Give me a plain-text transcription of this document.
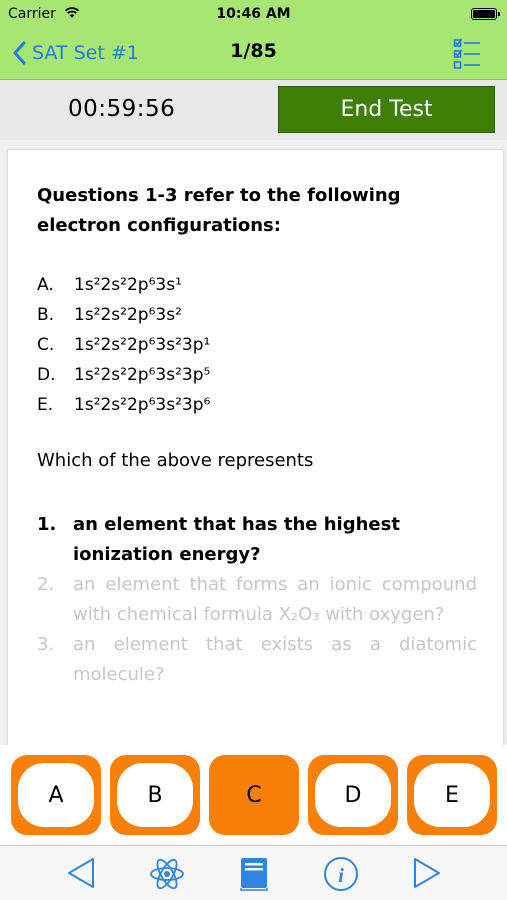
Carrier	10:46 AM
SAT Set #1	1/85
00:59:56	End Test
Questions 1-3 refer to the following electron configurations:
A.	1s²2s²2p⁶3s¹
B.	1s²2s²2p⁶3s²
C.	1s²2s²2p⁶3s²3p¹
D.	1s²2s²2p⁶3s²3p⁵
E.	1s²2s²2p⁶3s²3p⁶
Which of the above represents
1. an element that has the highest ionization energy?
2.	an element that forms an ionic compound with chemical formula X₂O₃ with oxygen?
3.	an element that exists as a diatomic molecule?
A	B	C	D	E
i
